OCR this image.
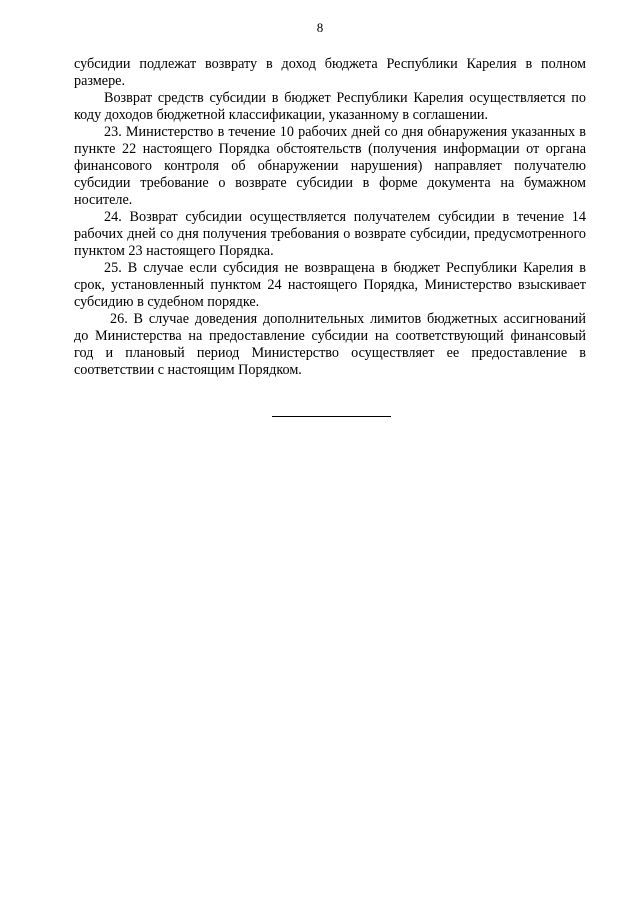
8

субсидии подлежат возврату в доход бюджета Республики Карелия в полном размере.

Возврат средств субсидии в бюджет Республики Карелия осуществляется по коду доходов бюджетной классификации, указанному в соглашении.

23. Министерство в течение 10 рабочих дней со дня обнаружения указанных в пункте 22 настоящего Порядка обстоятельств (получения информации от органа финансового контроля об обнаружении нарушения) направляет получателю субсидии требование о возврате субсидии в форме документа на бумажном носителе.

24. Возврат субсидии осуществляется получателем субсидии в течение 14 рабочих дней со дня получения требования о возврате субсидии, предусмотренного пунктом 23 настоящего Порядка.

25. В случае если субсидия не возвращена в бюджет Республики Карелия в срок, установленный пунктом 24 настоящего Порядка, Министерство взыскивает субсидию в судебном порядке.

26. В случае доведения дополнительных лимитов бюджетных ассигнований до Министерства на предоставление субсидии на соответствующий финансовый год и плановый период Министерство осуществляет ее предоставление в соответствии с настоящим Порядком.
